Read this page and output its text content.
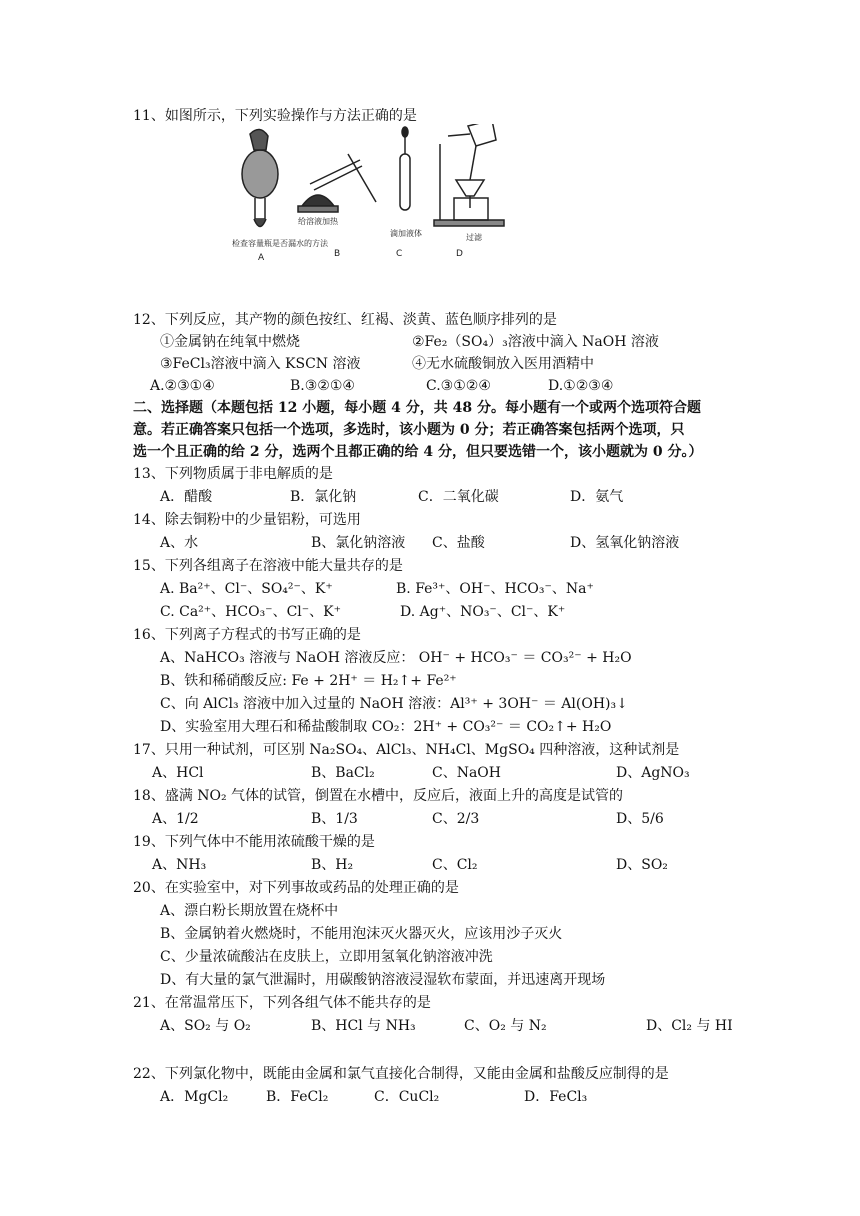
11、如图所示，下列实验操作与方法正确的是
检查容量瓶是否漏水的方法
给溶液加热
滴加液体	过滤
A	B	C	D
12、下列反应，其产物的颜色按红、红褐、淡黄、蓝色顺序排列的是
①金属钠在纯氧中燃烧	②Fe₂（SO₄）₃溶液中滴入 NaOH 溶液
③FeCl₃溶液中滴入 KSCN 溶液	④无水硫酸铜放入医用酒精中
A.②③①④	B.③②①④	C.③①②④	D.①②③④
二、选择题（本题包括 12 小题，每小题 4 分，共 48 分。每小题有一个或两个选项符合题
意。若正确答案只包括一个选项，多选时，该小题为 0 分；若正确答案包括两个选项，只
选一个且正确的给 2 分，选两个且都正确的给 4 分，但只要选错一个，该小题就为 0 分。）
13、下列物质属于非电解质的是
A．醋酸	B．氯化钠	C．二氧化碳	D．氨气
14、除去铜粉中的少量铝粉，可选用
A、水	B、氯化钠溶液 C、盐酸	D、氢氧化钠溶液
15、下列各组离子在溶液中能大量共存的是
A. Ba²⁺、Cl⁻、SO₄²⁻、K⁺	B. Fe³⁺、OH⁻、HCO₃⁻、Na⁺
C. Ca²⁺、HCO₃⁻、Cl⁻、K⁺	D. Ag⁺、NO₃⁻、Cl⁻、K⁺
16、下列离子方程式的书写正确的是
A、NaHCO₃ 溶液与 NaOH 溶液反应： OH⁻ + HCO₃⁻ ＝ CO₃²⁻ + H₂O
B、铁和稀硝酸反应: Fe + 2H⁺ ＝ H₂↑+ Fe²⁺
C、向 AlCl₃ 溶液中加入过量的 NaOH 溶液：Al³⁺ + 3OH⁻ ＝ Al(OH)₃↓
D、实验室用大理石和稀盐酸制取 CO₂：2H⁺ + CO₃²⁻ ＝ CO₂↑+ H₂O
17、只用一种试剂，可区别 Na₂SO₄、AlCl₃、NH₄Cl、MgSO₄ 四种溶液，这种试剂是
A、HCl	B、BaCl₂	C、NaOH	D、AgNO₃
18、盛满 NO₂ 气体的试管，倒置在水槽中，反应后，液面上升的高度是试管的
A、1/2	B、1/3	C、2/3	D、5/6
19、下列气体中不能用浓硫酸干燥的是
A、NH₃	B、H₂	C、Cl₂	D、SO₂
20、在实验室中，对下列事故或药品的处理正确的是
A、漂白粉长期放置在烧杯中
B、金属钠着火燃烧时，不能用泡沫灭火器灭火，应该用沙子灭火
C、少量浓硫酸沾在皮肤上，立即用氢氧化钠溶液冲洗
D、有大量的氯气泄漏时，用碳酸钠溶液浸湿软布蒙面，并迅速离开现场
21、在常温常压下，下列各组气体不能共存的是
A、SO₂ 与 O₂	B、HCl 与 NH₃	C、O₂ 与 N₂	D、Cl₂ 与 HI
22、下列氯化物中，既能由金属和氯气直接化合制得，又能由金属和盐酸反应制得的是
A．MgCl₂	B．FeCl₂	C．CuCl₂	D．FeCl₃
